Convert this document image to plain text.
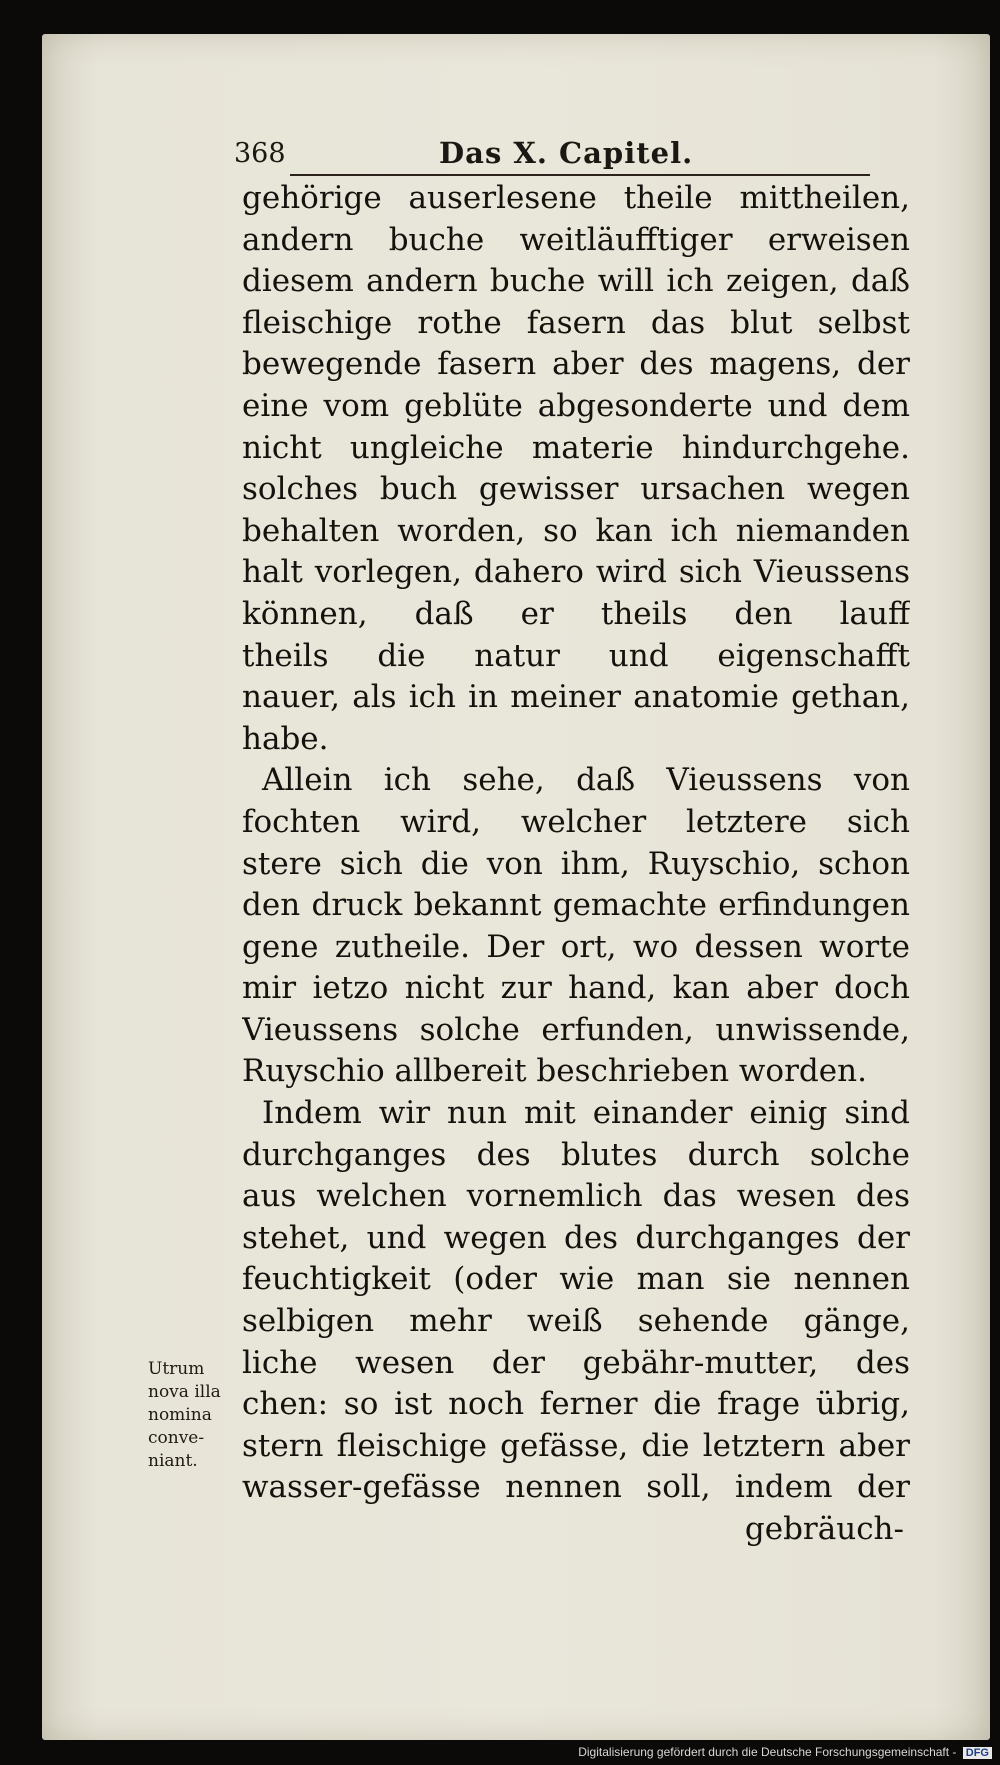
368	Das X. Capitel.
gehörige auserlesene theile mittheilen,
andern buche weitläufftiger erweisen
diesem andern buche will ich zeigen, daß
fleischige rothe fasern das blut selbst
bewegende fasern aber des magens, der
eine vom geblüte abgesonderte und dem
nicht ungleiche materie hindurchgehe.
solches buch gewisser ursachen wegen
behalten worden, so kan ich niemanden
halt vorlegen, dahero wird sich Vieussens
können, daß er theils den lauff
theils die natur und eigenschafft
nauer, als ich in meiner anatomie gethan,
habe.
Allein ich sehe, daß Vieussens von
fochten wird, welcher letztere sich
stere sich die von ihm, Ruyschio, schon
den druck bekannt gemachte erfindungen
gene zutheile. Der ort, wo dessen worte
mir ietzo nicht zur hand, kan aber doch
Vieussens solche erfunden, unwissende,
Ruyschio allbereit beschrieben worden.
Indem wir nun mit einander einig sind
durchganges des blutes durch solche
aus welchen vornemlich das wesen des
stehet, und wegen des durchganges der
feuchtigkeit (oder wie man sie nennen
selbigen mehr weiß sehende gänge,
liche wesen der gebähr-mutter, des
chen: so ist noch ferner die frage übrig,
stern fleischige gefässe, die letztern aber
wasser-gefässe nennen soll, indem der
gebräuch-
Utrum
nova illa
nomina
conve-
niant.
Digitalisierung gefördert durch die Deutsche Forschungsgemeinschaft - DFG
